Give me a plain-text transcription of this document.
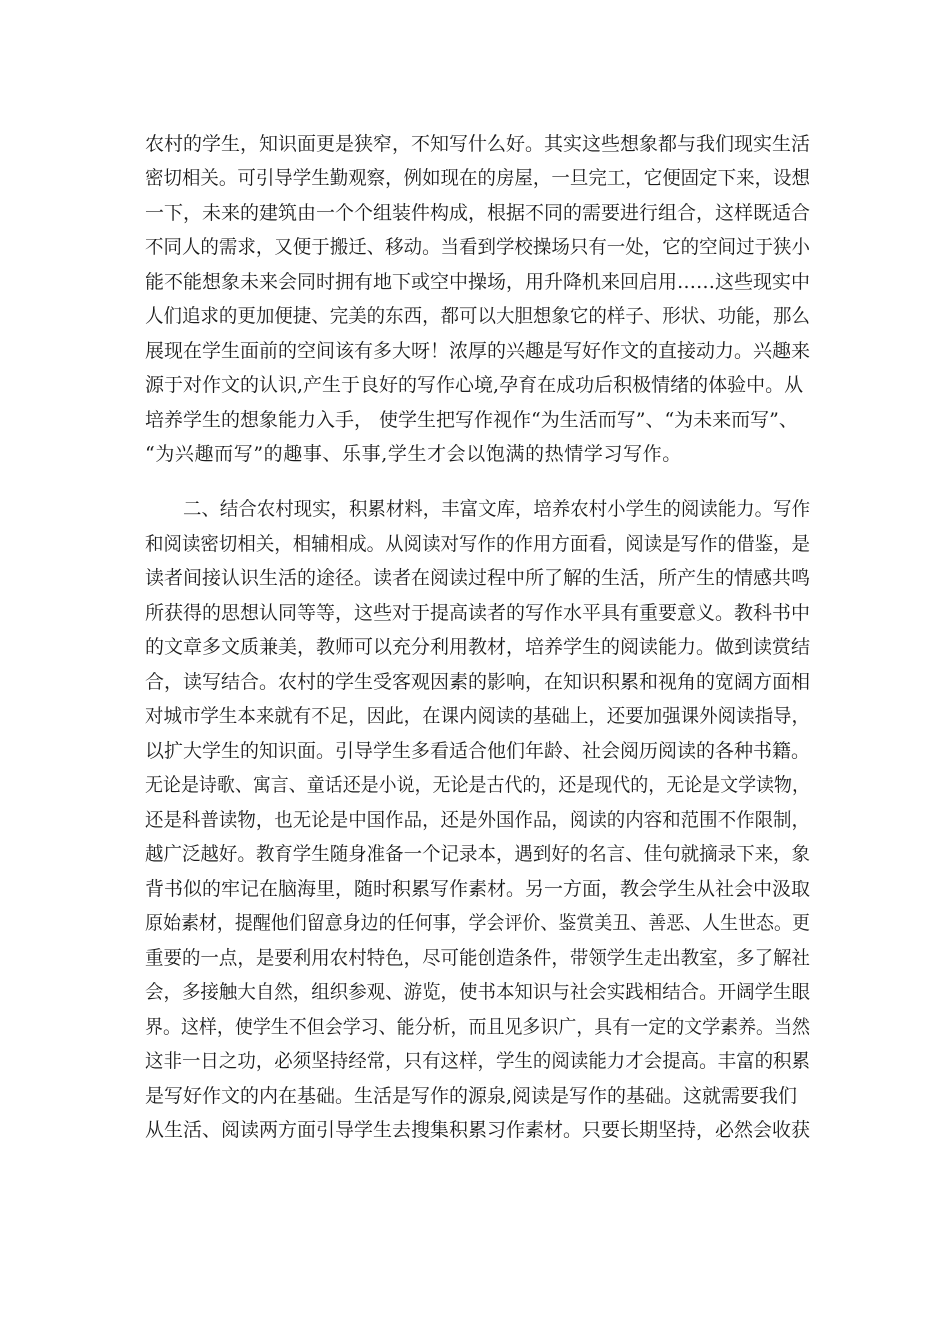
农村的学生，知识面更是狭窄，不知写什么好。其实这些想象都与我们现实生活
密切相关。可引导学生勤观察，例如现在的房屋，一旦完工，它便固定下来，设想
一下，未来的建筑由一个个组装件构成，根据不同的需要进行组合，这样既适合
不同人的需求，又便于搬迁、移动。当看到学校操场只有一处，它的空间过于狭小
能不能想象未来会同时拥有地下或空中操场，用升降机来回启用……这些现实中
人们追求的更加便捷、完美的东西，都可以大胆想象它的样子、形状、功能，那么
展现在学生面前的空间该有多大呀！浓厚的兴趣是写好作文的直接动力。兴趣来
源于对作文的认识,产生于良好的写作心境,孕育在成功后积极情绪的体验中。从
培养学生的想象能力入手， 使学生把写作视作“为生活而写”、“为未来而写”、
“为兴趣而写”的趣事、乐事,学生才会以饱满的热情学习写作。
二、结合农村现实，积累材料，丰富文库，培养农村小学生的阅读能力。写作
和阅读密切相关，相辅相成。从阅读对写作的作用方面看，阅读是写作的借鉴，是
读者间接认识生活的途径。读者在阅读过程中所了解的生活，所产生的情感共鸣
所获得的思想认同等等，这些对于提高读者的写作水平具有重要意义。教科书中
的文章多文质兼美，教师可以充分利用教材，培养学生的阅读能力。做到读赏结
合，读写结合。农村的学生受客观因素的影响，在知识积累和视角的宽阔方面相
对城市学生本来就有不足，因此，在课内阅读的基础上，还要加强课外阅读指导，
以扩大学生的知识面。引导学生多看适合他们年龄、社会阅历阅读的各种书籍。
无论是诗歌、寓言、童话还是小说，无论是古代的，还是现代的，无论是文学读物，
还是科普读物，也无论是中国作品，还是外国作品，阅读的内容和范围不作限制，
越广泛越好。教育学生随身准备一个记录本，遇到好的名言、佳句就摘录下来，象
背书似的牢记在脑海里，随时积累写作素材。另一方面，教会学生从社会中汲取
原始素材，提醒他们留意身边的任何事，学会评价、鉴赏美丑、善恶、人生世态。更
重要的一点，是要利用农村特色，尽可能创造条件，带领学生走出教室，多了解社
会，多接触大自然，组织参观、游览，使书本知识与社会实践相结合。开阔学生眼
界。这样，使学生不但会学习、能分析，而且见多识广，具有一定的文学素养。当然
这非一日之功，必须坚持经常，只有这样，学生的阅读能力才会提高。丰富的积累
是写好作文的内在基础。生活是写作的源泉,阅读是写作的基础。这就需要我们
从生活、阅读两方面引导学生去搜集积累习作素材。只要长期坚持，必然会收获
